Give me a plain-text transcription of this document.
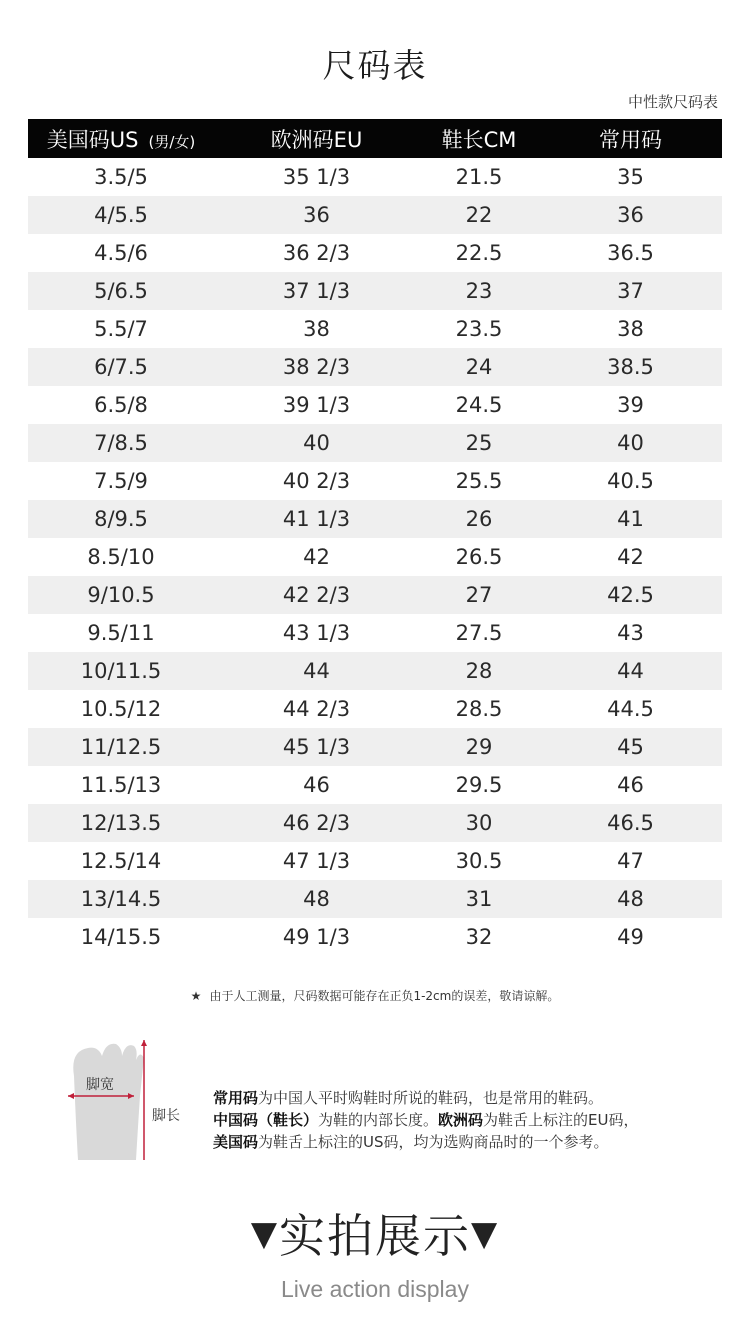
尺码表
中性款尺码表
美国码US (男/女)	欧洲码EU	鞋长CM	常用码
3.5/5	35 1/3	21.5	35
4/5.5	36	22	36
4.5/6	36 2/3	22.5	36.5
5/6.5	37 1/3	23	37
5.5/7	38	23.5	38
6/7.5	38 2/3	24	38.5
6.5/8	39 1/3	24.5	39
7/8.5	40	25	40
7.5/9	40 2/3	25.5	40.5
8/9.5	41 1/3	26	41
8.5/10	42	26.5	42
9/10.5	42 2/3	27	42.5
9.5/11	43 1/3	27.5	43
10/11.5	44	28	44
10.5/12	44 2/3	28.5	44.5
11/12.5	45 1/3	29	45
11.5/13	46	29.5	46
12/13.5	46 2/3	30	46.5
12.5/14	47 1/3	30.5	47
13/14.5	48	31	48
14/15.5	49 1/3	32	49
★ 由于人工测量，尺码数据可能存在正负1-2cm的误差，敬请谅解。
脚宽
脚长
常用码为中国人平时购鞋时所说的鞋码，也是常用的鞋码。
中国码（鞋长）为鞋的内部长度。欧洲码为鞋舌上标注的EU码，美国码为鞋舌上标注的US码，均为选购商品时的一个参考。
▼实拍展示▼
Live action display
